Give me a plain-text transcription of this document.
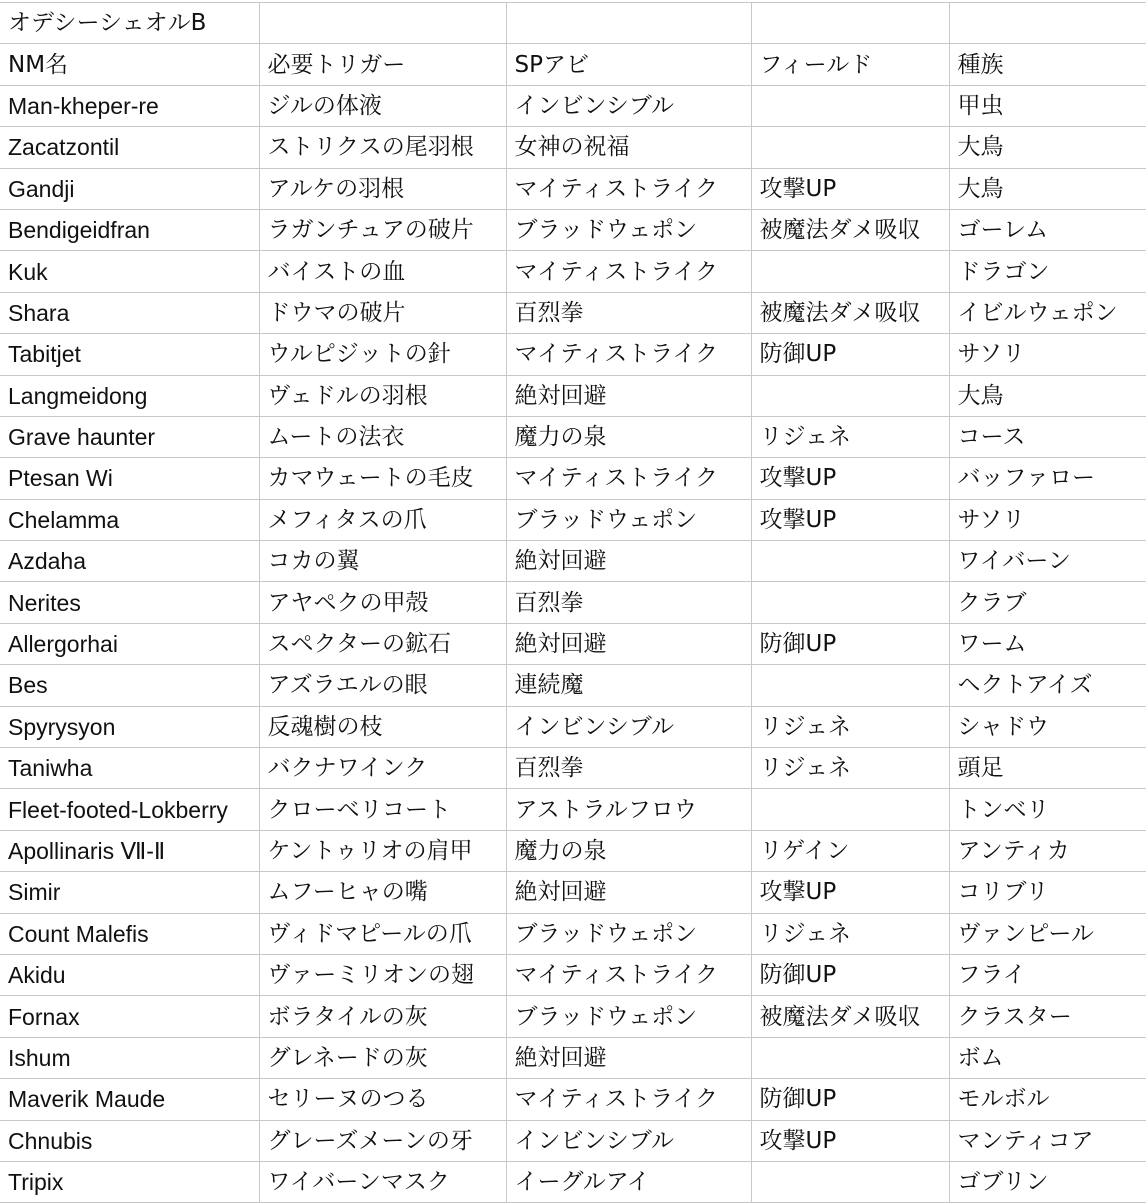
オデシーシェオルB				
NM名	必要トリガー	SPアビ	フィールド	種族
Man-kheper-re	ジルの体液	インビンシブル		甲虫
Zacatzontil	ストリクスの尾羽根	女神の祝福		大鳥
Gandji	アルケの羽根	マイティストライク	攻撃UP	大鳥
Bendigeidfran	ラガンチュアの破片	ブラッドウェポン	被魔法ダメ吸収	ゴーレム
Kuk	バイストの血	マイティストライク		ドラゴン
Shara	ドウマの破片	百烈拳	被魔法ダメ吸収	イビルウェポン
Tabitjet	ウルピジットの針	マイティストライク	防御UP	サソリ
Langmeidong	ヴェドルの羽根	絶対回避		大鳥
Grave haunter	ムートの法衣	魔力の泉	リジェネ	コース
Ptesan Wi	カマウェートの毛皮	マイティストライク	攻撃UP	バッファロー
Chelamma	メフィタスの爪	ブラッドウェポン	攻撃UP	サソリ
Azdaha	コカの翼	絶対回避		ワイバーン
Nerites	アヤペクの甲殻	百烈拳		クラブ
Allergorhai	スペクターの鉱石	絶対回避	防御UP	ワーム
Bes	アズラエルの眼	連続魔		ヘクトアイズ
Spyrysyon	反魂樹の枝	インビンシブル	リジェネ	シャドウ
Taniwha	バクナワインク	百烈拳	リジェネ	頭足
Fleet-footed-Lokberry	クローベリコート	アストラルフロウ		トンベリ
Apollinaris Ⅶ-Ⅱ	ケントゥリオの肩甲	魔力の泉	リゲイン	アンティカ
Simir	ムフーヒャの嘴	絶対回避	攻撃UP	コリブリ
Count Malefis	ヴィドマピールの爪	ブラッドウェポン	リジェネ	ヴァンピール
Akidu	ヴァーミリオンの翅	マイティストライク	防御UP	フライ
Fornax	ボラタイルの灰	ブラッドウェポン	被魔法ダメ吸収	クラスター
Ishum	グレネードの灰	絶対回避		ボム
Maverik Maude	セリーヌのつる	マイティストライク	防御UP	モルボル
Chnubis	グレーズメーンの牙	インビンシブル	攻撃UP	マンティコア
Tripix	ワイバーンマスク	イーグルアイ		ゴブリン
